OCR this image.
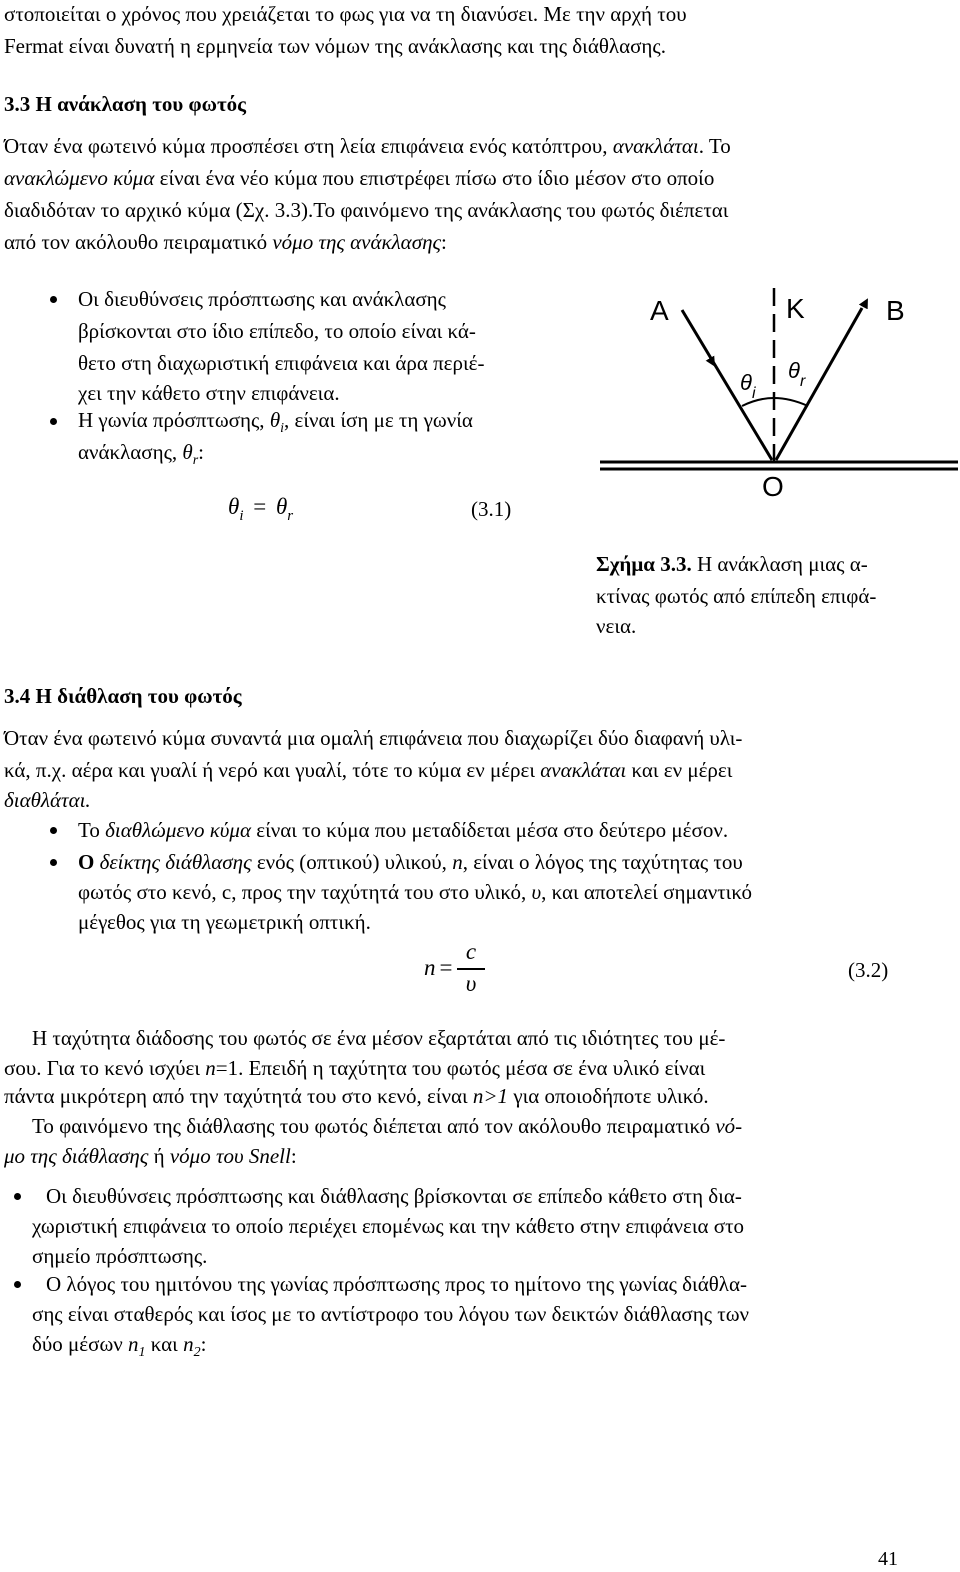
στοποιείται ο χρόνος που χρειάζεται το φως για να τη διανύσει. Με την αρχή του
Fermat είναι δυνατή η ερμηνεία των νόμων της ανάκλασης και της διάθλασης.
3.3 Η ανάκλαση του φωτός
Όταν ένα φωτεινό κύμα προσπέσει στη λεία επιφάνεια ενός κατόπτρου, ανακλάται. Το
ανακλώμενο κύμα είναι ένα νέο κύμα που επιστρέφει πίσω στο ίδιο μέσον στο οποίο
διαδιδόταν το αρχικό κύμα (Σχ. 3.3).Το φαινόμενο της ανάκλασης του φωτός διέπεται
από τον ακόλουθο πειραματικό νόμο της ανάκλασης:
Οι διευθύνσεις πρόσπτωσης και ανάκλασης
βρίσκονται στο ίδιο επίπεδο, το οποίο είναι κά-
θετο στη διαχωριστική επιφάνεια και άρα περιέ-
χει την κάθετο στην επιφάνεια.
Η γωνία πρόσπτωσης, $\theta_i$, είναι ίση με τη γωνία
ανάκλασης, $\theta_r$:
$\theta_i = \theta_r$	(3.1)
A	K	B
O
$\theta_i$
$\theta_r$
Σχήμα 3.3. Η ανάκλαση μιας α-
κτίνας φωτός από επίπεδη επιφά-
νεια.
3.4 Η διάθλαση του φωτός
Όταν ένα φωτεινό κύμα συναντά μια ομαλή επιφάνεια που διαχωρίζει δύο διαφανή υλι-
κά, π.χ. αέρα και γυαλί ή νερό και γυαλί, τότε το κύμα εν μέρει ανακλάται και εν μέρει
διαθλάται.
Το διαθλώμενο κύμα είναι το κύμα που μεταδίδεται μέσα στο δεύτερο μέσον.
Ο δείκτης διάθλασης ενός (οπτικού) υλικού, n, είναι ο λόγος της ταχύτητας του
φωτός στο κενό, c, προς την ταχύτητά του στο υλικό, υ, και αποτελεί σημαντικό
μέγεθος για τη γεωμετρική οπτική.
n =
c
υ
(3.2)
Η ταχύτητα διάδοσης του φωτός σε ένα μέσον εξαρτάται από τις ιδιότητες του μέ-
σου. Για το κενό ισχύει n=1. Επειδή η ταχύτητα του φωτός μέσα σε ένα υλικό είναι
πάντα μικρότερη από την ταχύτητά του στο κενό, είναι n>1 για οποιοδήποτε υλικό.
Το φαινόμενο της διάθλασης του φωτός διέπεται από τον ακόλουθο πειραματικό νό-
μο της διάθλασης ή νόμο του Snell:
Οι διευθύνσεις πρόσπτωσης και διάθλασης βρίσκονται σε επίπεδο κάθετο στη δια-
χωριστική επιφάνεια το οποίο περιέχει επομένως και την κάθετο στην επιφάνεια στο
σημείο πρόσπτωσης.
Ο λόγος του ημιτόνου της γωνίας πρόσπτωσης προς το ημίτονο της γωνίας διάθλα-
σης είναι σταθερός και ίσος με το αντίστροφο του λόγου των δεικτών διάθλασης των
δύο μέσων $n_1$ και $n_2$:
41
